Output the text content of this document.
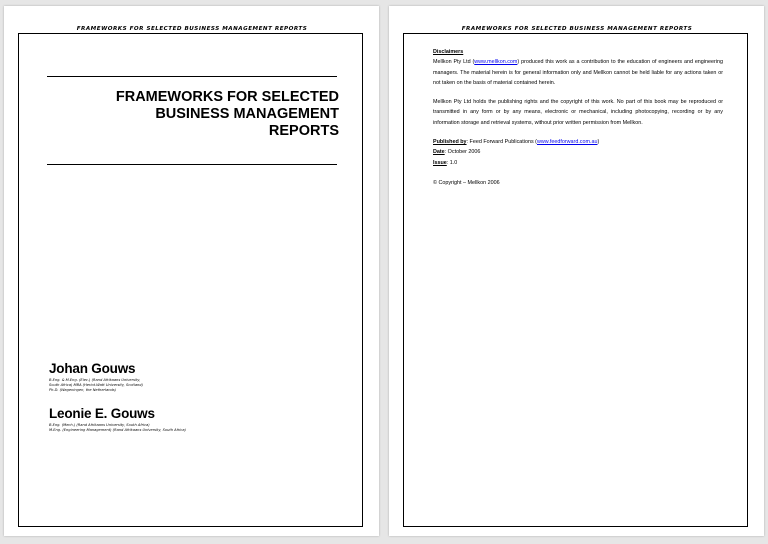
FRAMEWORKS FOR SELECTED BUSINESS MANAGEMENT REPORTS
FRAMEWORKS FOR SELECTED
BUSINESS MANAGEMENT
REPORTS
Johan Gouws
B.Eng. & M.Eng. (Elec.) (Rand Afrikaans University,
South Africa) MBA (Heriot-Watt University, Scotland)
Ph.D. (Wageningen, the Netherlands)
Leonie E. Gouws
B.Eng. (Mech.) (Rand Afrikaans University, South Africa)
M.Eng. (Engineering Management) (Rand Afrikaans University, South Africa)
FRAMEWORKS FOR SELECTED BUSINESS MANAGEMENT REPORTS
Disclaimers

Mellkon Pty Ltd (www.mellkon.com) produced this work as a contribution to the education of engineers and engineering managers. The material herein is for general information only and Mellkon cannot be held liable for any actions taken or not taken on the basis of material contained herein.

Mellkon Pty Ltd holds the publishing rights and the copyright of this work. No part of this book may be reproduced or transmitted in any form or by any means, electronic or mechanical, including photocopying, recording or by any information storage and retrieval systems, without prior written permission from Mellkon.

Published by: Feed Forward Publications (www.feedforward.com.au)
Date: October 2006
Issue: 1.0
© Copyright – Mellkon 2006
